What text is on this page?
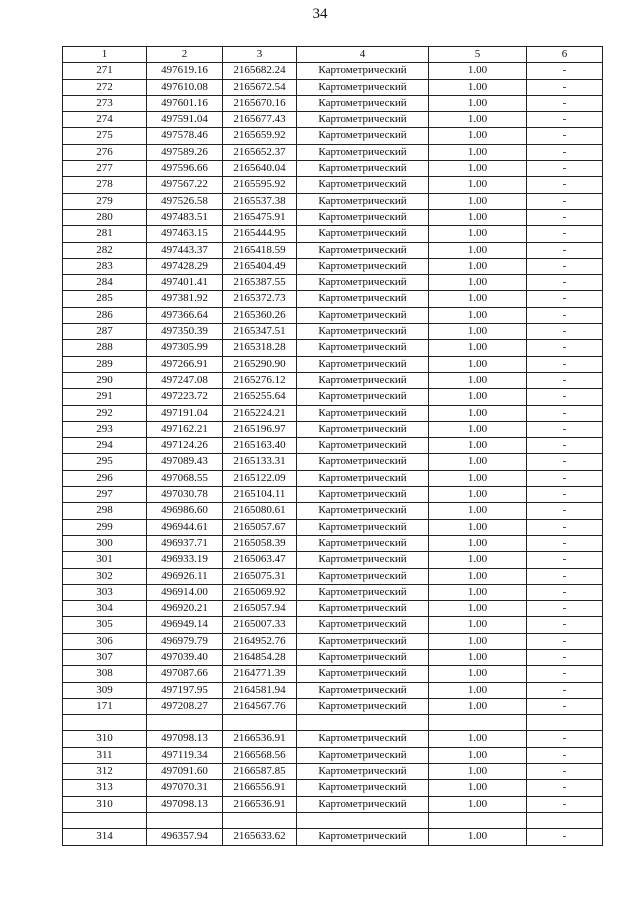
34
1	2	3	4	5	6
271	497619.16	2165682.24	Картометрический	1.00	-
272	497610.08	2165672.54	Картометрический	1.00	-
273	497601.16	2165670.16	Картометрический	1.00	-
274	497591.04	2165677.43	Картометрический	1.00	-
275	497578.46	2165659.92	Картометрический	1.00	-
276	497589.26	2165652.37	Картометрический	1.00	-
277	497596.66	2165640.04	Картометрический	1.00	-
278	497567.22	2165595.92	Картометрический	1.00	-
279	497526.58	2165537.38	Картометрический	1.00	-
280	497483.51	2165475.91	Картометрический	1.00	-
281	497463.15	2165444.95	Картометрический	1.00	-
282	497443.37	2165418.59	Картометрический	1.00	-
283	497428.29	2165404.49	Картометрический	1.00	-
284	497401.41	2165387.55	Картометрический	1.00	-
285	497381.92	2165372.73	Картометрический	1.00	-
286	497366.64	2165360.26	Картометрический	1.00	-
287	497350.39	2165347.51	Картометрический	1.00	-
288	497305.99	2165318.28	Картометрический	1.00	-
289	497266.91	2165290.90	Картометрический	1.00	-
290	497247.08	2165276.12	Картометрический	1.00	-
291	497223.72	2165255.64	Картометрический	1.00	-
292	497191.04	2165224.21	Картометрический	1.00	-
293	497162.21	2165196.97	Картометрический	1.00	-
294	497124.26	2165163.40	Картометрический	1.00	-
295	497089.43	2165133.31	Картометрический	1.00	-
296	497068.55	2165122.09	Картометрический	1.00	-
297	497030.78	2165104.11	Картометрический	1.00	-
298	496986.60	2165080.61	Картометрический	1.00	-
299	496944.61	2165057.67	Картометрический	1.00	-
300	496937.71	2165058.39	Картометрический	1.00	-
301	496933.19	2165063.47	Картометрический	1.00	-
302	496926.11	2165075.31	Картометрический	1.00	-
303	496914.00	2165069.92	Картометрический	1.00	-
304	496920.21	2165057.94	Картометрический	1.00	-
305	496949.14	2165007.33	Картометрический	1.00	-
306	496979.79	2164952.76	Картометрический	1.00	-
307	497039.40	2164854.28	Картометрический	1.00	-
308	497087.66	2164771.39	Картометрический	1.00	-
309	497197.95	2164581.94	Картометрический	1.00	-
171	497208.27	2164567.76	Картометрический	1.00	-

310	497098.13	2166536.91	Картометрический	1.00	-
311	497119.34	2166568.56	Картометрический	1.00	-
312	497091.60	2166587.85	Картометрический	1.00	-
313	497070.31	2166556.91	Картометрический	1.00	-
310	497098.13	2166536.91	Картометрический	1.00	-

314	496357.94	2165633.62	Картометрический	1.00	-
